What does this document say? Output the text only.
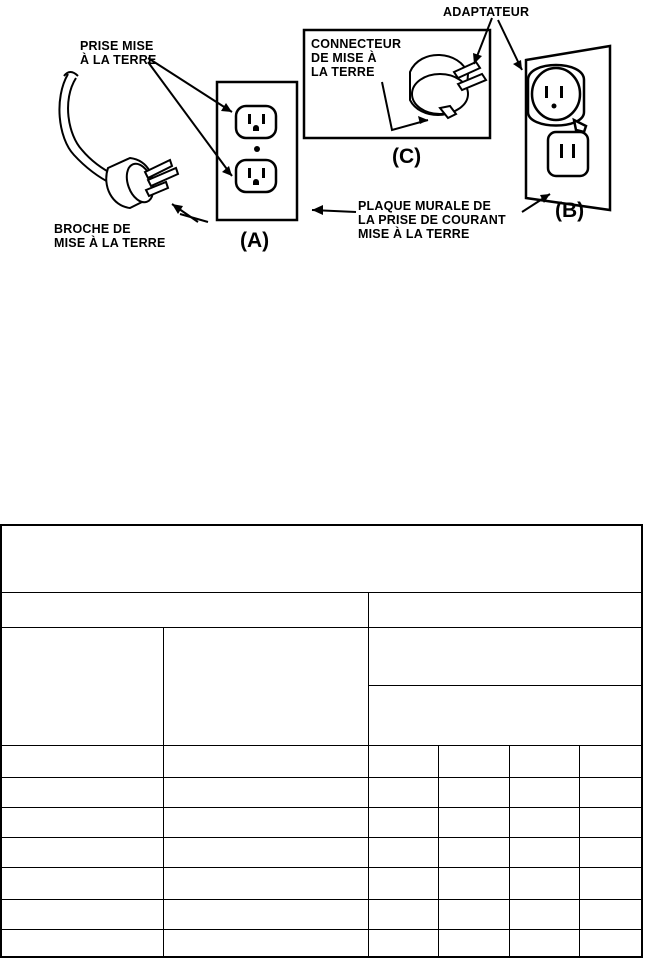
PRISE MISE
À LA TERRE
BROCHE DE
MISE À LA TERRE
CONNECTEUR
DE MISE À
LA TERRE
ADAPTATEUR
PLAQUE MURALE DE
LA PRISE DE COURANT
MISE À LA TERRE
(A)
(B)
(C)
